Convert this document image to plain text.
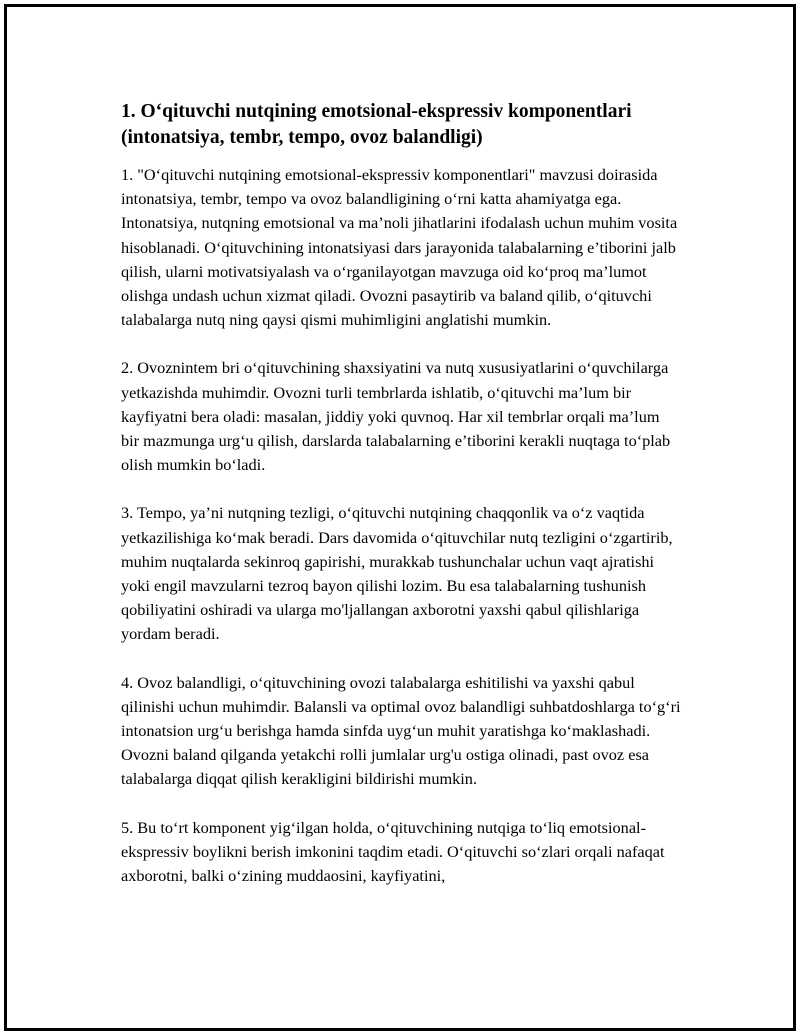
1. O‘qituvchi nutqining emotsional-ekspressiv komponentlari (intonatsiya, tembr, tempo, ovoz balandligi)

1. "O‘qituvchi nutqining emotsional-ekspressiv komponentlari" mavzusi doirasida intonatsiya, tembr, tempo va ovoz balandligining o‘rni katta ahamiyatga ega. Intonatsiya, nutqning emotsional va ma’noli jihatlarini ifodalash uchun muhim vosita hisoblanadi. O‘qituvchining intonatsiyasi dars jarayonida talabalarning e’tiborini jalb qilish, ularni motivatsiyalash va o‘rganilayotgan mavzuga oid ko‘proq ma’lumot olishga undash uchun xizmat qiladi. Ovozni pasaytirib va baland qilib, o‘qituvchi talabalarga nutq ning qaysi qismi muhimligini anglatishi mumkin.

2. Ovoznintem bri o‘qituvchining shaxsiyatini va nutq xususiyatlarini o‘quvchilarga yetkazishda muhimdir. Ovozni turli tembrlarda ishlatib, o‘qituvchi ma’lum bir kayfiyatni bera oladi: masalan, jiddiy yoki quvnoq. Har xil tembrlar orqali ma’lum bir mazmunga urg‘u qilish, darslarda talabalarning e’tiborini kerakli nuqtaga to‘plab olish mumkin bo‘ladi.

3. Tempo, ya’ni nutqning tezligi, o‘qituvchi nutqining chaqqonlik va o‘z vaqtida yetkazilishiga ko‘mak beradi. Dars davomida o‘qituvchilar nutq tezligini o‘zgartirib, muhim nuqtalarda sekinroq gapirishi, murakkab tushunchalar uchun vaqt ajratishi yoki engil mavzularni tezroq bayon qilishi lozim. Bu esa talabalarning tushunish qobiliyatini oshiradi va ularga mo'ljallangan axborotni yaxshi qabul qilishlariga yordam beradi.

4. Ovoz balandligi, o‘qituvchining ovozi talabalarga eshitilishi va yaxshi qabul qilinishi uchun muhimdir. Balansli va optimal ovoz balandligi suhbatdoshlarga to‘g‘ri intonatsion urg‘u berishga hamda sinfda uyg‘un muhit yaratishga ko‘maklashadi. Ovozni baland qilganda yetakchi rolli jumlalar urg'u ostiga olinadi, past ovoz esa talabalarga diqqat qilish kerakligini bildirishi mumkin.

5. Bu to‘rt komponent yig‘ilgan holda, o‘qituvchining nutqiga to‘liq emotsional-ekspressiv boylikni berish imkonini taqdim etadi. O‘qituvchi so‘zlari orqali nafaqat axborotni, balki o‘zining muddaosini, kayfiyatini,
